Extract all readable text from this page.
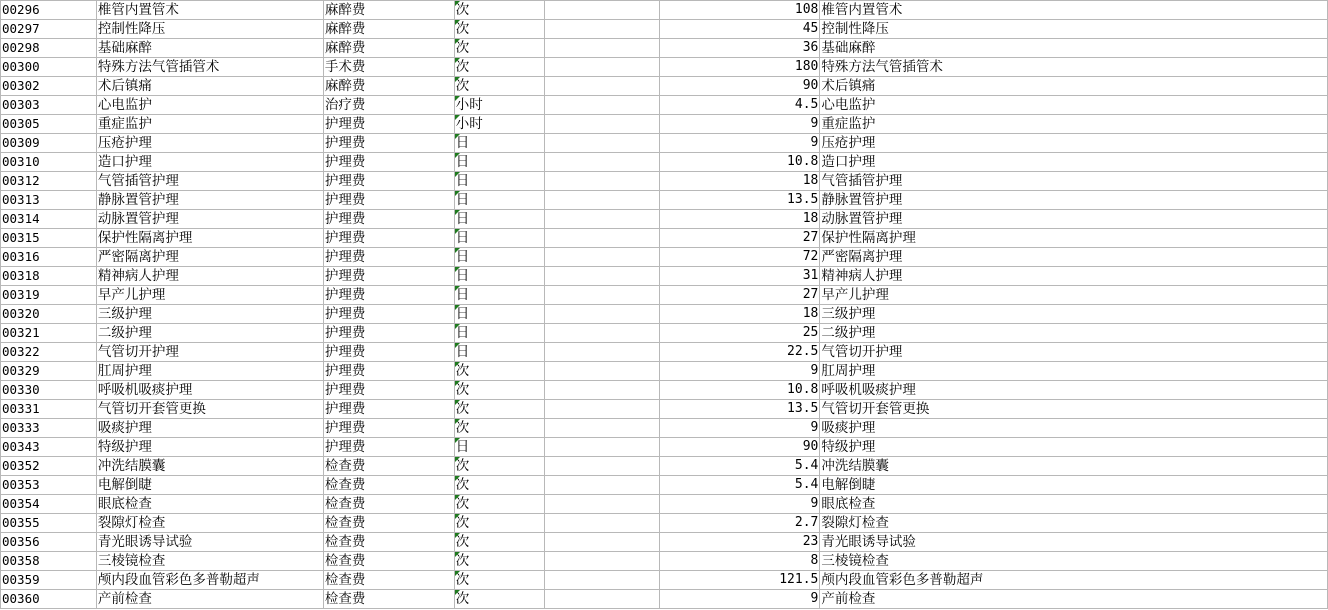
00296	椎管内置管术	麻醉费	次		108	椎管内置管术
00297	控制性降压	麻醉费	次		45	控制性降压
00298	基础麻醉	麻醉费	次		36	基础麻醉
00300	特殊方法气管插管术	手术费	次		180	特殊方法气管插管术
00302	术后镇痛	麻醉费	次		90	术后镇痛
00303	心电监护	治疗费	小时		4.5	心电监护
00305	重症监护	护理费	小时		9	重症监护
00309	压疮护理	护理费	日		9	压疮护理
00310	造口护理	护理费	日		10.8	造口护理
00312	气管插管护理	护理费	日		18	气管插管护理
00313	静脉置管护理	护理费	日		13.5	静脉置管护理
00314	动脉置管护理	护理费	日		18	动脉置管护理
00315	保护性隔离护理	护理费	日		27	保护性隔离护理
00316	严密隔离护理	护理费	日		72	严密隔离护理
00318	精神病人护理	护理费	日		31	精神病人护理
00319	早产儿护理	护理费	日		27	早产儿护理
00320	三级护理	护理费	日		18	三级护理
00321	二级护理	护理费	日		25	二级护理
00322	气管切开护理	护理费	日		22.5	气管切开护理
00329	肛周护理	护理费	次		9	肛周护理
00330	呼吸机吸痰护理	护理费	次		10.8	呼吸机吸痰护理
00331	气管切开套管更换	护理费	次		13.5	气管切开套管更换
00333	吸痰护理	护理费	次		9	吸痰护理
00343	特级护理	护理费	日		90	特级护理
00352	冲洗结膜囊	检查费	次		5.4	冲洗结膜囊
00353	电解倒睫	检查费	次		5.4	电解倒睫
00354	眼底检查	检查费	次		9	眼底检查
00355	裂隙灯检查	检查费	次		2.7	裂隙灯检查
00356	青光眼诱导试验	检查费	次		23	青光眼诱导试验
00358	三棱镜检查	检查费	次		8	三棱镜检查
00359	颅内段血管彩色多普勒超声	检查费	次		121.5	颅内段血管彩色多普勒超声
00360	产前检查	检查费	次		9	产前检查
